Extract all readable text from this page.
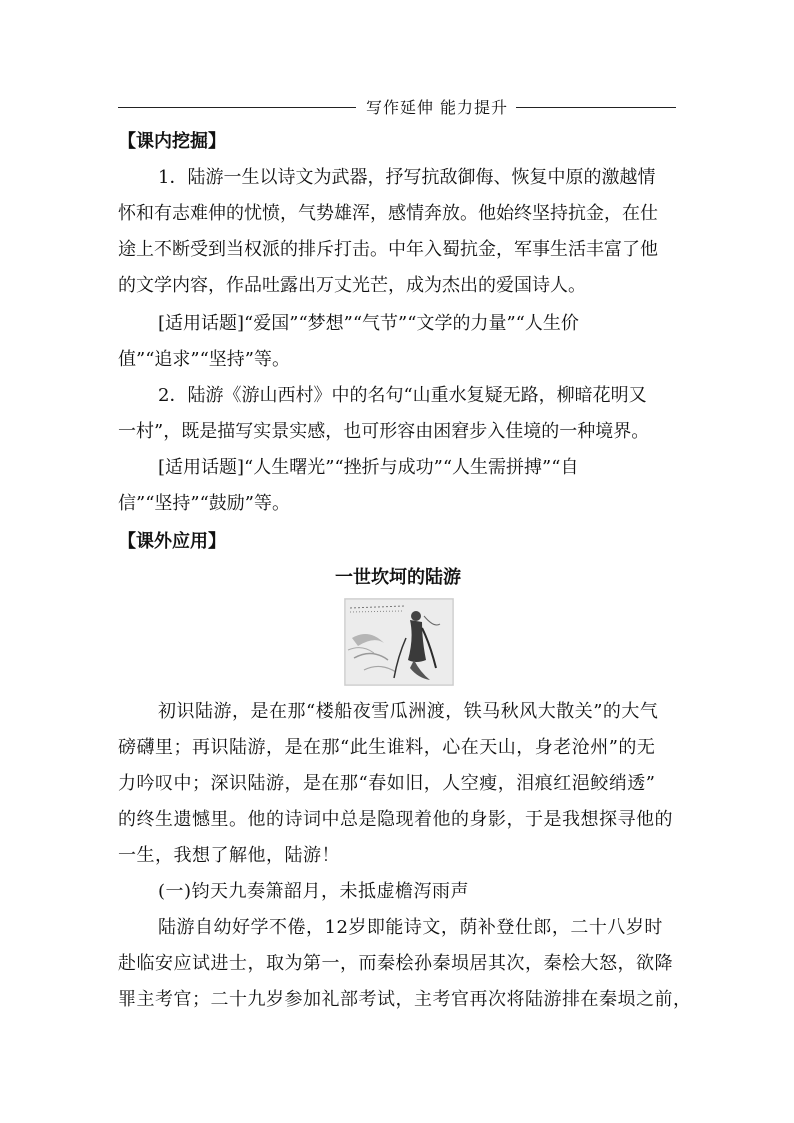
写作延伸 能力提升
【课内挖掘】
1．陆游一生以诗文为武器，抒写抗敌御侮、恢复中原的激越情
怀和有志难伸的忧愤，气势雄浑，感情奔放。他始终坚持抗金，在仕
途上不断受到当权派的排斥打击。中年入蜀抗金，军事生活丰富了他
的文学内容，作品吐露出万丈光芒，成为杰出的爱国诗人。
[适用话题]“爱国”“梦想”“气节”“文学的力量”“人生价
值”“追求”“坚持”等。
2．陆游《游山西村》中的名句“山重水复疑无路，柳暗花明又
一村”，既是描写实景实感，也可形容由困窘步入佳境的一种境界。
[适用话题]“人生曙光”“挫折与成功”“人生需拼搏”“自
信”“坚持”“鼓励”等。
【课外应用】
一世坎坷的陆游
初识陆游，是在那“楼船夜雪瓜洲渡，铁马秋风大散关”的大气
磅礴里；再识陆游，是在那“此生谁料，心在天山，身老沧州”的无
力吟叹中；深识陆游，是在那“春如旧，人空瘦，泪痕红浥鲛绡透”
的终生遗憾里。他的诗词中总是隐现着他的身影，于是我想探寻他的
一生，我想了解他，陆游！
(一)钧天九奏箫韶月，未抵虚檐泻雨声
陆游自幼好学不倦，12岁即能诗文，荫补登仕郎，二十八岁时
赴临安应试进士，取为第一，而秦桧孙秦埙居其次，秦桧大怒，欲降
罪主考官；二十九岁参加礼部考试，主考官再次将陆游排在秦埙之前，
